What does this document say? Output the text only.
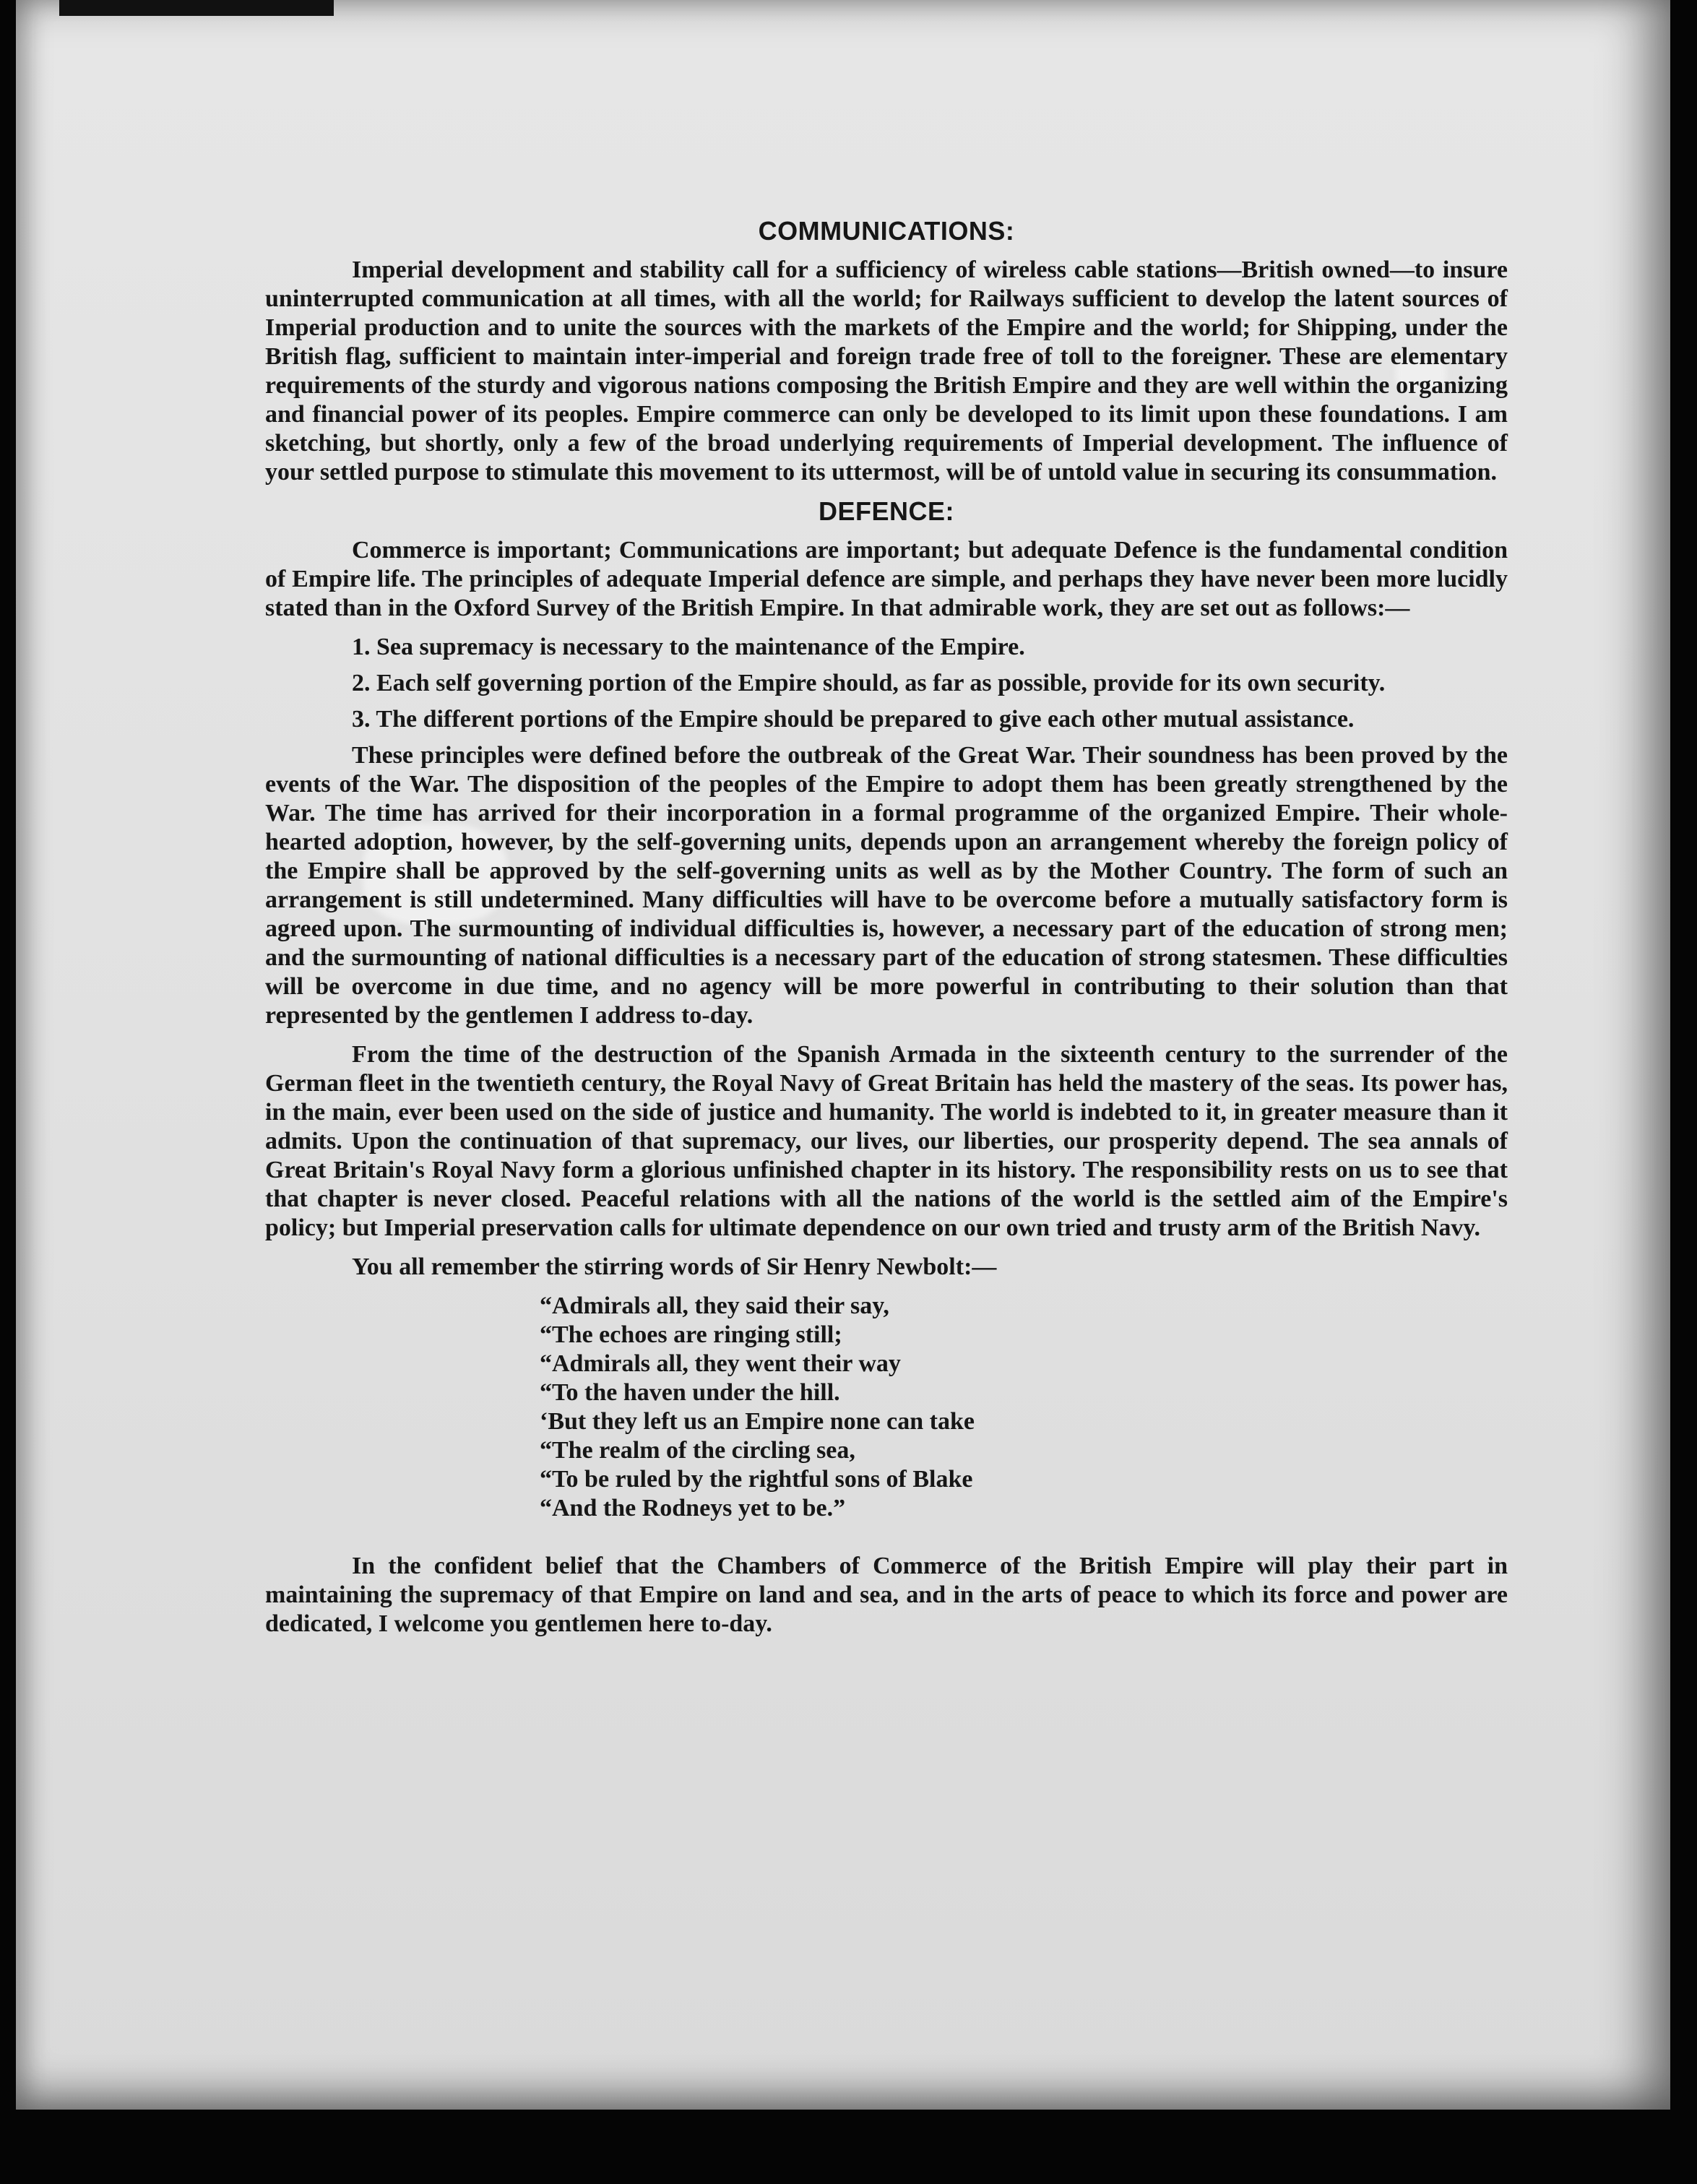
COMMUNICATIONS:

Imperial development and stability call for a sufficiency of wireless cable stations—British owned—to insure uninterrupted communication at all times, with all the world; for Railways sufficient to develop the latent sources of Imperial production and to unite the sources with the markets of the Empire and the world; for Shipping, under the British flag, sufficient to maintain inter-imperial and foreign trade free of toll to the foreigner. These are elementary requirements of the sturdy and vigorous nations composing the British Empire and they are well within the organizing and financial power of its peoples. Empire commerce can only be developed to its limit upon these foundations. I am sketching, but shortly, only a few of the broad underlying requirements of Imperial development. The influence of your settled purpose to stimulate this movement to its uttermost, will be of untold value in securing its consummation.

DEFENCE:

Commerce is important; Communications are important; but adequate Defence is the fundamental condition of Empire life. The principles of adequate Imperial defence are simple, and perhaps they have never been more lucidly stated than in the Oxford Survey of the British Empire. In that admirable work, they are set out as follows:—

1. Sea supremacy is necessary to the maintenance of the Empire.

2. Each self governing portion of the Empire should, as far as possible, provide for its own security.

3. The different portions of the Empire should be prepared to give each other mutual assistance.

These principles were defined before the outbreak of the Great War. Their soundness has been proved by the events of the War. The disposition of the peoples of the Empire to adopt them has been greatly strengthened by the War. The time has arrived for their incorporation in a formal programme of the organized Empire. Their whole-hearted adoption, however, by the self-governing units, depends upon an arrangement whereby the foreign policy of the Empire shall be approved by the self-governing units as well as by the Mother Country. The form of such an arrangement is still undetermined. Many difficulties will have to be overcome before a mutually satisfactory form is agreed upon. The surmounting of individual difficulties is, however, a necessary part of the education of strong men; and the surmounting of national difficulties is a necessary part of the education of strong statesmen. These difficulties will be overcome in due time, and no agency will be more powerful in contributing to their solution than that represented by the gentlemen I address to-day.

From the time of the destruction of the Spanish Armada in the sixteenth century to the surrender of the German fleet in the twentieth century, the Royal Navy of Great Britain has held the mastery of the seas. Its power has, in the main, ever been used on the side of justice and humanity. The world is indebted to it, in greater measure than it admits. Upon the continuation of that supremacy, our lives, our liberties, our prosperity depend. The sea annals of Great Britain's Royal Navy form a glorious unfinished chapter in its history. The responsibility rests on us to see that that chapter is never closed. Peaceful relations with all the nations of the world is the settled aim of the Empire's policy; but Imperial preservation calls for ultimate dependence on our own tried and trusty arm of the British Navy.

You all remember the stirring words of Sir Henry Newbolt:—

“Admirals all, they said their say,
“The echoes are ringing still;
“Admirals all, they went their way
“To the haven under the hill.
‘But they left us an Empire none can take
“The realm of the circling sea,
“To be ruled by the rightful sons of Blake
“And the Rodneys yet to be.”

In the confident belief that the Chambers of Commerce of the British Empire will play their part in maintaining the supremacy of that Empire on land and sea, and in the arts of peace to which its force and power are dedicated, I welcome you gentlemen here to-day.
